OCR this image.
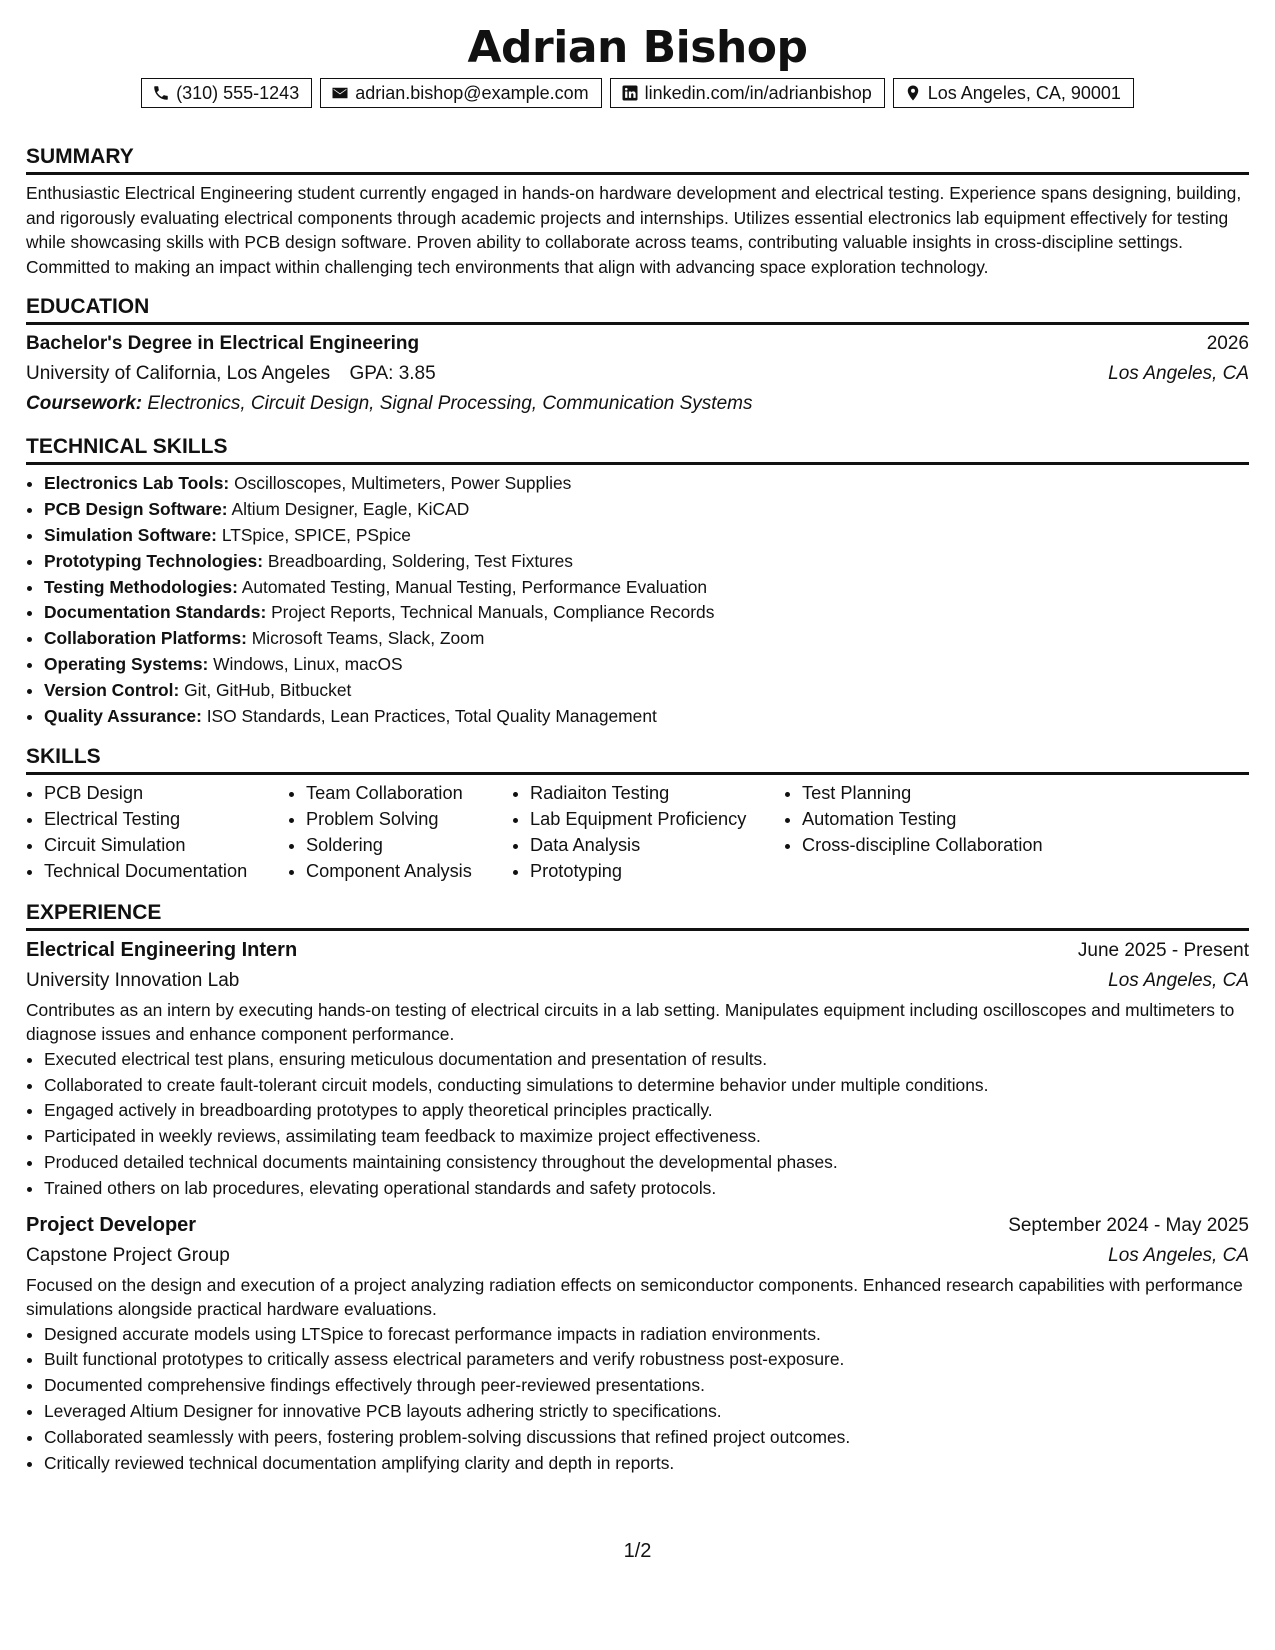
Adrian Bishop
(310) 555-1243	adrian.bishop@example.com	linkedin.com/in/adrianbishop	Los Angeles, CA, 90001
SUMMARY

Enthusiastic Electrical Engineering student currently engaged in hands-on hardware development and electrical testing. Experience spans designing, building, and rigorously evaluating electrical components through academic projects and internships. Utilizes essential electronics lab equipment effectively for testing while showcasing skills with PCB design software. Proven ability to collaborate across teams, contributing valuable insights in cross-discipline settings. Committed to making an impact within challenging tech environments that align with advancing space exploration technology.

EDUCATION
Bachelor's Degree in Electrical Engineering	2026
University of California, Los Angeles GPA: 3.85	Los Angeles, CA
Coursework: Electronics, Circuit Design, Signal Processing, Communication Systems
TECHNICAL SKILLS
• Electronics Lab Tools: Oscilloscopes, Multimeters, Power Supplies
• PCB Design Software: Altium Designer, Eagle, KiCAD
• Simulation Software: LTSpice, SPICE, PSpice
• Prototyping Technologies: Breadboarding, Soldering, Test Fixtures
• Testing Methodologies: Automated Testing, Manual Testing, Performance Evaluation
• Documentation Standards: Project Reports, Technical Manuals, Compliance Records
• Collaboration Platforms: Microsoft Teams, Slack, Zoom
• Operating Systems: Windows, Linux, macOS
• Version Control: Git, GitHub, Bitbucket
• Quality Assurance: ISO Standards, Lean Practices, Total Quality Management
SKILLS
• PCB Design
• Electrical Testing
• Circuit Simulation
• Technical Documentation
• Team Collaboration
• Problem Solving
• Soldering
• Component Analysis
• Radiaiton Testing
• Lab Equipment Proficiency
• Data Analysis
• Prototyping
• Test Planning
• Automation Testing
• Cross-discipline Collaboration
EXPERIENCE
Electrical Engineering Intern	June 2025 - Present
University Innovation Lab	Los Angeles, CA

Contributes as an intern by executing hands-on testing of electrical circuits in a lab setting. Manipulates equipment including oscilloscopes and multimeters to diagnose issues and enhance component performance.

• Executed electrical test plans, ensuring meticulous documentation and presentation of results.
• Collaborated to create fault-tolerant circuit models, conducting simulations to determine behavior under multiple conditions.
• Engaged actively in breadboarding prototypes to apply theoretical principles practically.
• Participated in weekly reviews, assimilating team feedback to maximize project effectiveness.
• Produced detailed technical documents maintaining consistency throughout the developmental phases.
• Trained others on lab procedures, elevating operational standards and safety protocols.
Project Developer	September 2024 - May 2025
Capstone Project Group	Los Angeles, CA

Focused on the design and execution of a project analyzing radiation effects on semiconductor components. Enhanced research capabilities with performance simulations alongside practical hardware evaluations.

• Designed accurate models using LTSpice to forecast performance impacts in radiation environments.
• Built functional prototypes to critically assess electrical parameters and verify robustness post-exposure.
• Documented comprehensive findings effectively through peer-reviewed presentations.
• Leveraged Altium Designer for innovative PCB layouts adhering strictly to specifications.
• Collaborated seamlessly with peers, fostering problem-solving discussions that refined project outcomes.
• Critically reviewed technical documentation amplifying clarity and depth in reports.
1/2
